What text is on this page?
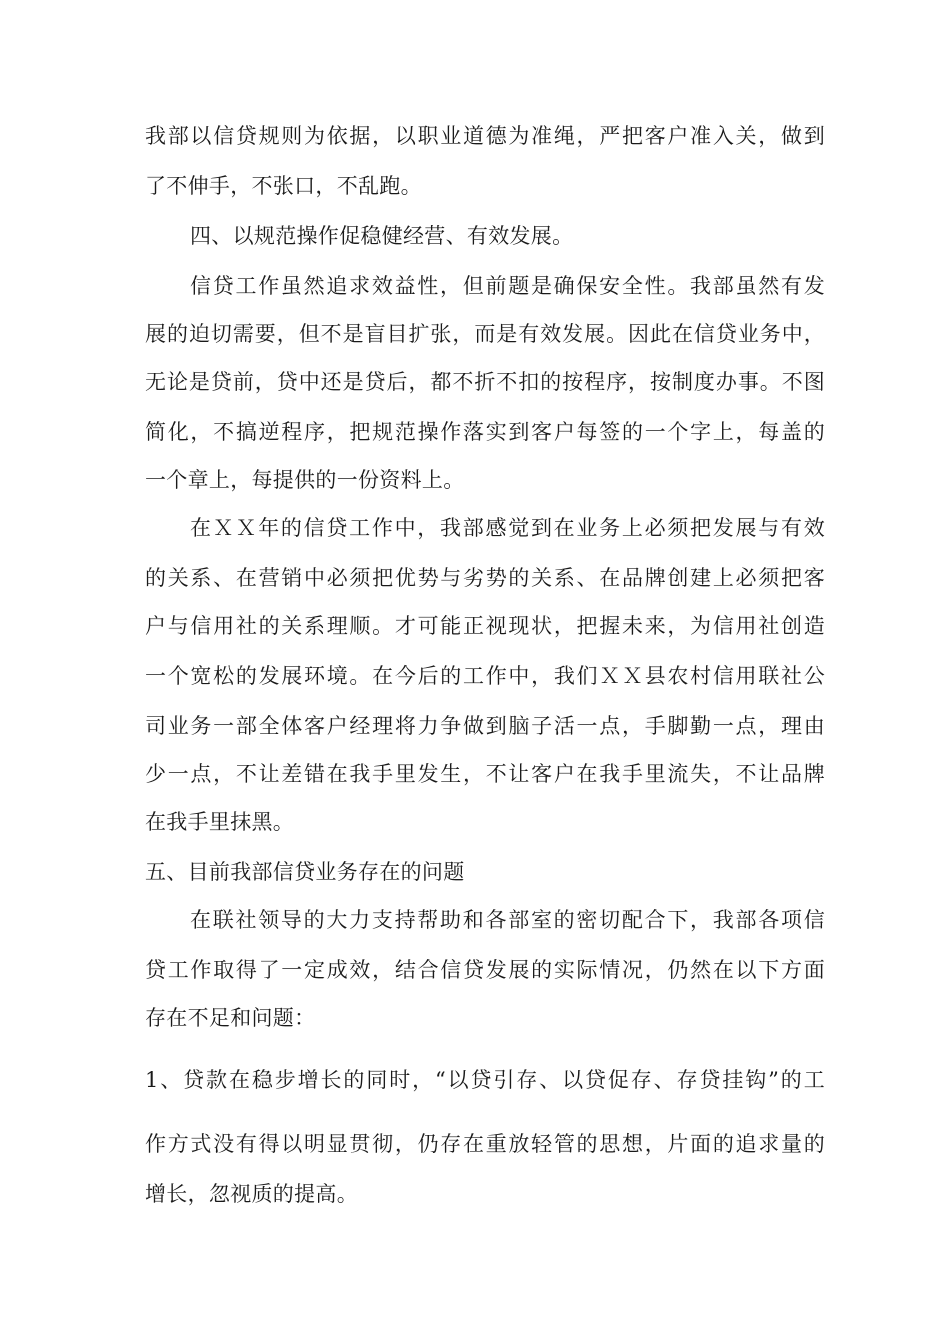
我部以信贷规则为依据，以职业道德为准绳，严把客户准入关，做到
了不伸手，不张口，不乱跑。
四、以规范操作促稳健经营、有效发展。
信贷工作虽然追求效益性，但前题是确保安全性。我部虽然有发
展的迫切需要，但不是盲目扩张，而是有效发展。因此在信贷业务中，
无论是贷前，贷中还是贷后，都不折不扣的按程序，按制度办事。不图
简化，不搞逆程序，把规范操作落实到客户每签的一个字上，每盖的
一个章上，每提供的一份资料上。
在ＸＸ年的信贷工作中，我部感觉到在业务上必须把发展与有效
的关系、在营销中必须把优势与劣势的关系、在品牌创建上必须把客
户与信用社的关系理顺。才可能正视现状，把握未来，为信用社创造
一个宽松的发展环境。在今后的工作中，我们ＸＸ县农村信用联社公
司业务一部全体客户经理将力争做到脑子活一点，手脚勤一点，理由
少一点，不让差错在我手里发生，不让客户在我手里流失，不让品牌
在我手里抹黑。
五、目前我部信贷业务存在的问题
在联社领导的大力支持帮助和各部室的密切配合下，我部各项信
贷工作取得了一定成效，结合信贷发展的实际情况，仍然在以下方面
存在不足和问题：
1、贷款在稳步增长的同时，“以贷引存、以贷促存、存贷挂钩”的工
作方式没有得以明显贯彻，仍存在重放轻管的思想，片面的追求量的
增长，忽视质的提高。
